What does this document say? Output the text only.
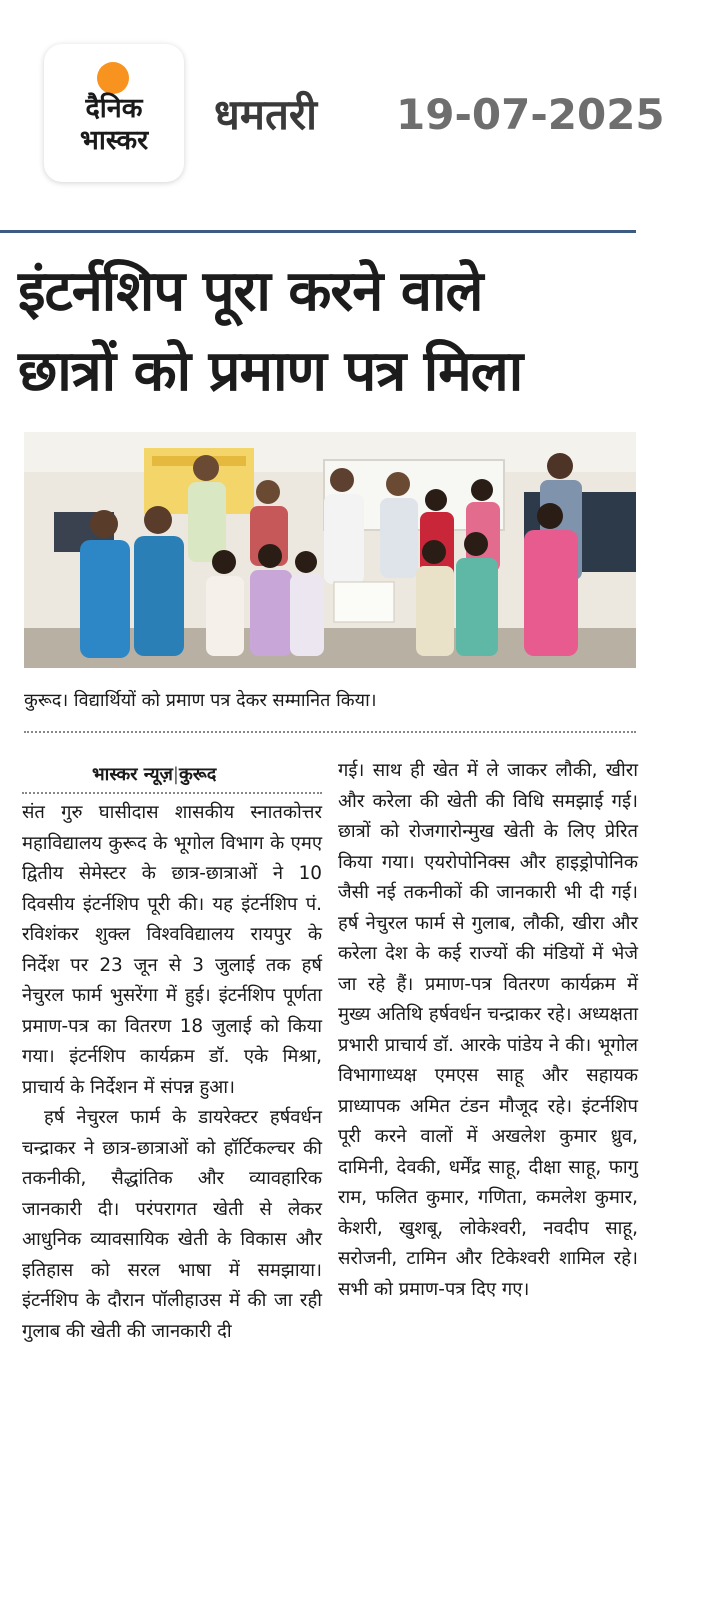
दैनिक
भास्कर
धमतरी 19-07-2025
इंटर्नशिप पूरा करने वाले
छात्रों को प्रमाण पत्र मिला
कुरूद। विद्यार्थियों को प्रमाण पत्र देकर सम्मानित किया।
भास्कर न्यूज़|कुरूद

संत गुरु घासीदास शासकीय स्नातकोत्तर महाविद्यालय कुरूद के भूगोल विभाग के एमए द्वितीय सेमेस्टर के छात्र-छात्राओं ने 10 दिवसीय इंटर्नशिप पूरी की। यह इंटर्नशिप पं. रविशंकर शुक्ल विश्वविद्यालय रायपुर के निर्देश पर 23 जून से 3 जुलाई तक हर्ष नेचुरल फार्म भुसरेंगा में हुई। इंटर्नशिप पूर्णता प्रमाण-पत्र का वितरण 18 जुलाई को किया गया। इंटर्नशिप कार्यक्रम डॉ. एके मिश्रा, प्राचार्य के निर्देशन में संपन्न हुआ।

हर्ष नेचुरल फार्म के डायरेक्टर हर्षवर्धन चन्द्राकर ने छात्र-छात्राओं को हॉर्टिकल्चर की तकनीकी, सैद्धांतिक और व्यावहारिक जानकारी दी। परंपरागत खेती से लेकर आधुनिक व्यावसायिक खेती के विकास और इतिहास को सरल भाषा में समझाया। इंटर्नशिप के दौरान पॉलीहाउस में की जा रही गुलाब की खेती की जानकारी दी

गई। साथ ही खेत में ले जाकर लौकी, खीरा और करेला की खेती की विधि समझाई गई। छात्रों को रोजगारोन्मुख खेती के लिए प्रेरित किया गया। एयरोपोनिक्स और हाइड्रोपोनिक जैसी नई तकनीकों की जानकारी भी दी गई। हर्ष नेचुरल फार्म से गुलाब, लौकी, खीरा और करेला देश के कई राज्यों की मंडियों में भेजे जा रहे हैं। प्रमाण-पत्र वितरण कार्यक्रम में मुख्य अतिथि हर्षवर्धन चन्द्राकर रहे। अध्यक्षता प्रभारी प्राचार्य डॉ. आरके पांडेय ने की। भूगोल विभागाध्यक्ष एमएस साहू और सहायक प्राध्यापक अमित टंडन मौजूद रहे। इंटर्नशिप पूरी करने वालों में अखलेश कुमार ध्रुव, दामिनी, देवकी, धर्मेंद्र साहू, दीक्षा साहू, फागु राम, फलित कुमार, गणिता, कमलेश कुमार, केशरी, खुशबू, लोकेश्वरी, नवदीप साहू, सरोजनी, टामिन और टिकेश्वरी शामिल रहे। सभी को प्रमाण-पत्र दिए गए।
